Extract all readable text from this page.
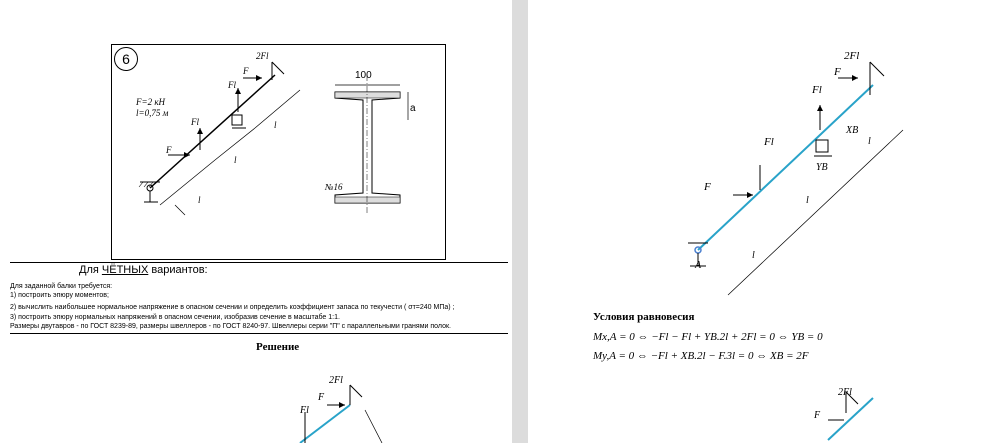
6
F=2 кН
l=0,75 м
2Fl
Fl
Fl
F
F
l
l
l
100
a
№16
Для ЧЁТНЫХ вариантов:
Для заданной балки требуется:
1) построить эпюру моментов;
2) вычислить наибольшее нормальное напряжение в опасном сечении и определить коэффициент запаса по текучести ( σт=240 МПа) ;
3) построить эпюру нормальных напряжений в опасном сечении, изобразив сечение в масштабе 1:1.
Размеры двутавров - по ГОСТ 8239-89, размеры швеллеров - по ГОСТ 8240-97. Швеллеры серии "П" с параллельными гранями полок.
Решение
2Fl
F
Fl
2Fl
F
Fl
Fl
F
XB
YB
A
l
l
l
Условия равновесия
Mx,A = 0 ⇔ −Fl − Fl + YB.2l + 2Fl = 0 ⇔ YB = 0
My,A = 0 ⇔ −Fl + XB.2l − F.3l = 0 ⇔ XB = 2F
2Fl
F
